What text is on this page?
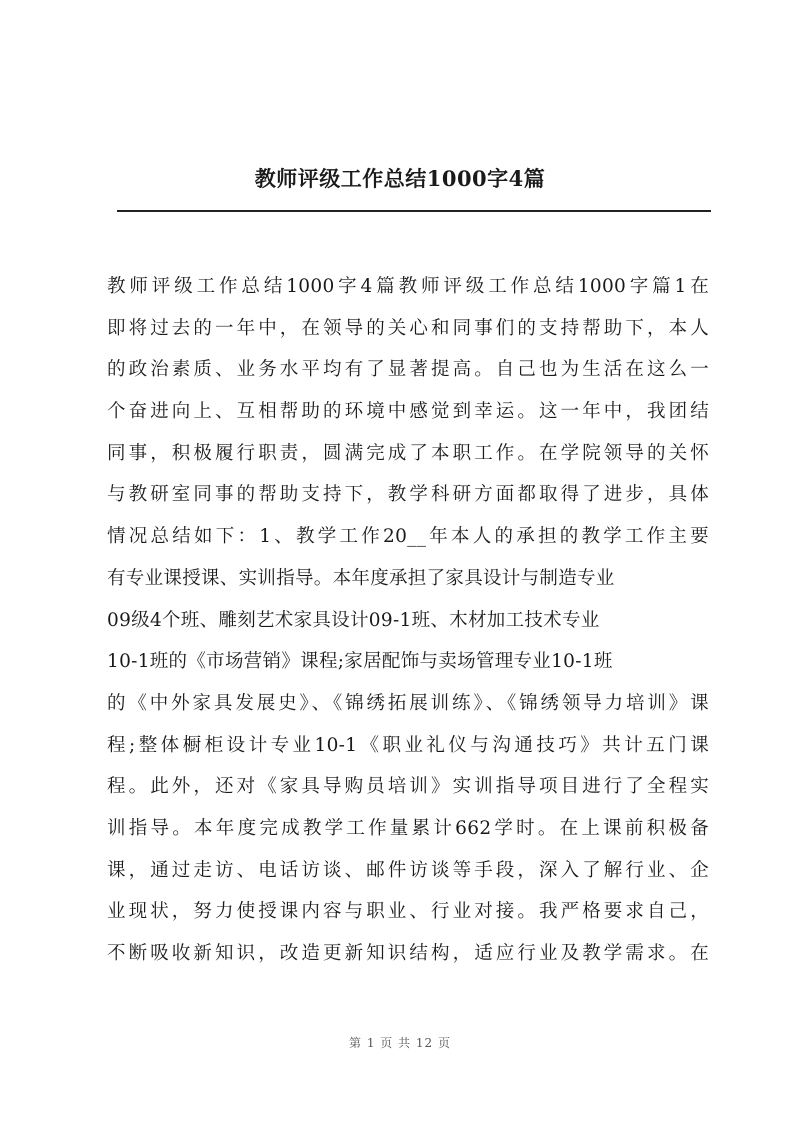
教师评级工作总结1000字4篇
教师评级工作总结1000字4篇教师评级工作总结1000字篇1在
即将过去的一年中，在领导的关心和同事们的支持帮助下，本人
的政治素质、业务水平均有了显著提高。自己也为生活在这么一
个奋进向上、互相帮助的环境中感觉到幸运。这一年中，我团结
同事，积极履行职责，圆满完成了本职工作。在学院领导的关怀
与教研室同事的帮助支持下，教学科研方面都取得了进步，具体
情况总结如下：1、教学工作20__年本人的承担的教学工作主要
有专业课授课、实训指导。本年度承担了家具设计与制造专业
09级4个班、雕刻艺术家具设计09-1班、木材加工技术专业
10-1班的《市场营销》课程;家居配饰与卖场管理专业10-1班
的《中外家具发展史》、《锦绣拓展训练》、《锦绣领导力培训》课
程;整体橱柜设计专业10-1《职业礼仪与沟通技巧》共计五门课
程。此外，还对《家具导购员培训》实训指导项目进行了全程实
训指导。本年度完成教学工作量累计662学时。在上课前积极备
课，通过走访、电话访谈、邮件访谈等手段，深入了解行业、企
业现状，努力使授课内容与职业、行业对接。我严格要求自己，
不断吸收新知识，改造更新知识结构，适应行业及教学需求。在
第 1 页 共 12 页
